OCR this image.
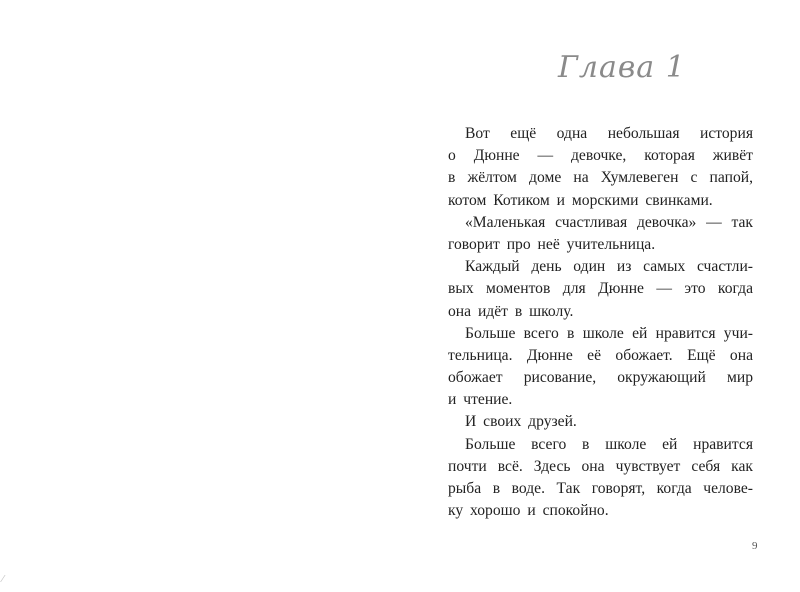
⁄
Глава 1

Вот ещё одна небольшая история

о Дюнне — девочке, которая живёт

в жёлтом доме на Хумлевеген с папой,

котом Котиком и морскими свинками.

«Маленькая счастливая девочка» — так

говорит про неё учительница.

Каждый день один из самых счастли-

вых моментов для Дюнне — это когда

она идёт в школу.

Больше всего в школе ей нравится учи-

тельница. Дюнне её обожает. Ещё она

обожает рисование, окружающий мир

и чтение.

И своих друзей.

Больше всего в школе ей нравится

почти всё. Здесь она чувствует себя как

рыба в воде. Так говорят, когда челове-

ку хорошо и спокойно.

9
